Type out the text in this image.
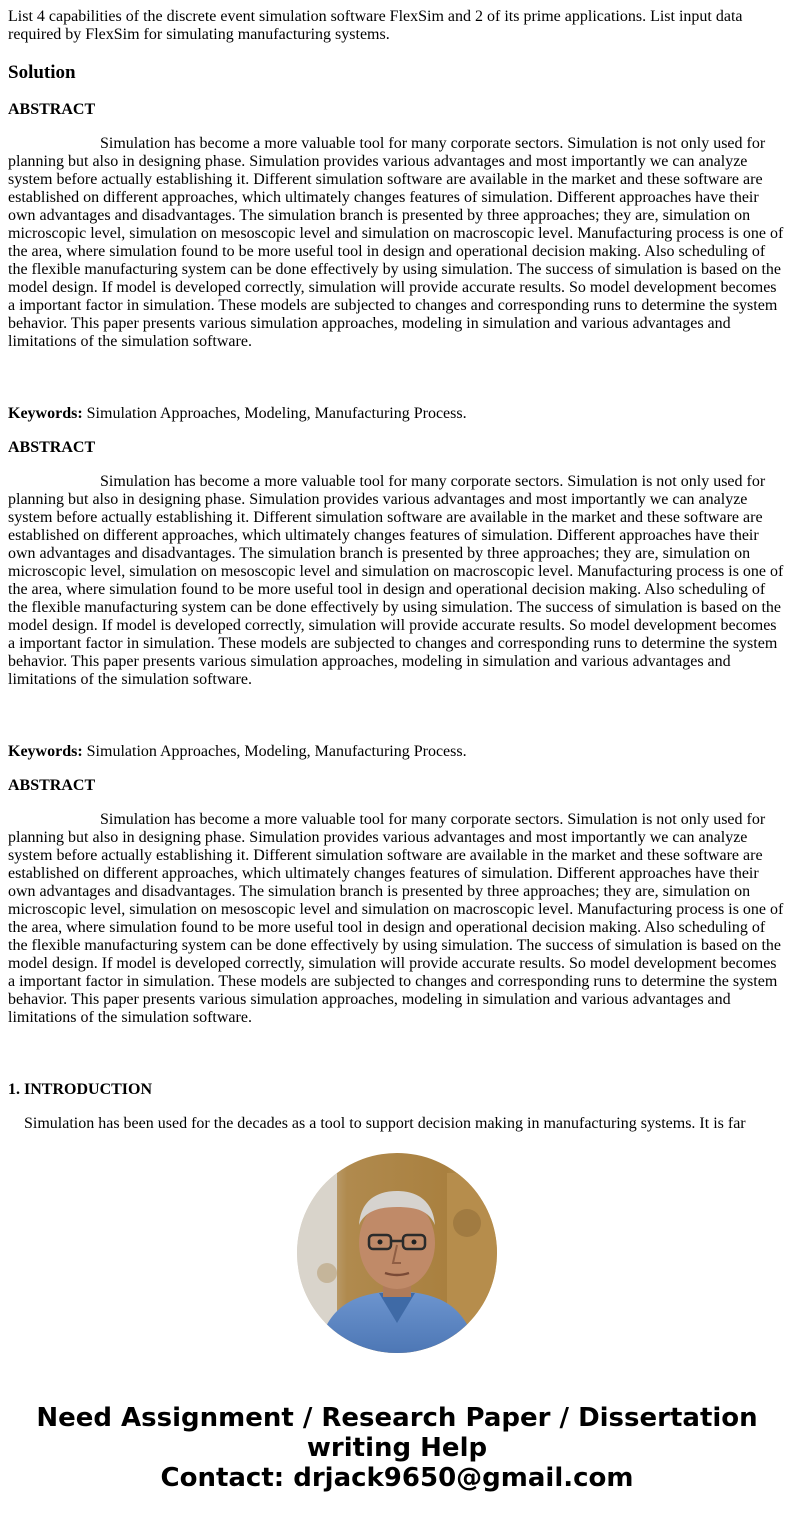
List 4 capabilities of the discrete event simulation software FlexSim and 2 of its prime applications. List input data required by FlexSim for simulating manufacturing systems.
Solution
ABSTRACT
Simulation has become a more valuable tool for many corporate sectors. Simulation is not only used for planning but also in designing phase. Simulation provides various advantages and most importantly we can analyze system before actually establishing it. Different simulation software are available in the market and these software are established on different approaches, which ultimately changes features of simulation. Different approaches have their own advantages and disadvantages. The simulation branch is presented by three approaches; they are, simulation on microscopic level, simulation on mesoscopic level and simulation on macroscopic level. Manufacturing process is one of the area, where simulation found to be more useful tool in design and operational decision making. Also scheduling of the flexible manufacturing system can be done effectively by using simulation. The success of simulation is based on the model design. If model is developed correctly, simulation will provide accurate results. So model development becomes a important factor in simulation. These models are subjected to changes and corresponding runs to determine the system behavior. This paper presents various simulation approaches, modeling in simulation and various advantages and limitations of the simulation software.
Keywords: Simulation Approaches, Modeling, Manufacturing Process.
ABSTRACT
Simulation has become a more valuable tool for many corporate sectors. Simulation is not only used for planning but also in designing phase. Simulation provides various advantages and most importantly we can analyze system before actually establishing it. Different simulation software are available in the market and these software are established on different approaches, which ultimately changes features of simulation. Different approaches have their own advantages and disadvantages. The simulation branch is presented by three approaches; they are, simulation on microscopic level, simulation on mesoscopic level and simulation on macroscopic level. Manufacturing process is one of the area, where simulation found to be more useful tool in design and operational decision making. Also scheduling of the flexible manufacturing system can be done effectively by using simulation. The success of simulation is based on the model design. If model is developed correctly, simulation will provide accurate results. So model development becomes a important factor in simulation. These models are subjected to changes and corresponding runs to determine the system behavior. This paper presents various simulation approaches, modeling in simulation and various advantages and limitations of the simulation software.
Keywords: Simulation Approaches, Modeling, Manufacturing Process.
ABSTRACT
Simulation has become a more valuable tool for many corporate sectors. Simulation is not only used for planning but also in designing phase. Simulation provides various advantages and most importantly we can analyze system before actually establishing it. Different simulation software are available in the market and these software are established on different approaches, which ultimately changes features of simulation. Different approaches have their own advantages and disadvantages. The simulation branch is presented by three approaches; they are, simulation on microscopic level, simulation on mesoscopic level and simulation on macroscopic level. Manufacturing process is one of the area, where simulation found to be more useful tool in design and operational decision making. Also scheduling of the flexible manufacturing system can be done effectively by using simulation. The success of simulation is based on the model design. If model is developed correctly, simulation will provide accurate results. So model development becomes a important factor in simulation. These models are subjected to changes and corresponding runs to determine the system behavior. This paper presents various simulation approaches, modeling in simulation and various advantages and limitations of the simulation software.
1. INTRODUCTION
Simulation has been used for the decades as a tool to support decision making in manufacturing systems. It is far
Need Assignment / Research Paper / Dissertation writing Help
Contact: drjack9650@gmail.com
